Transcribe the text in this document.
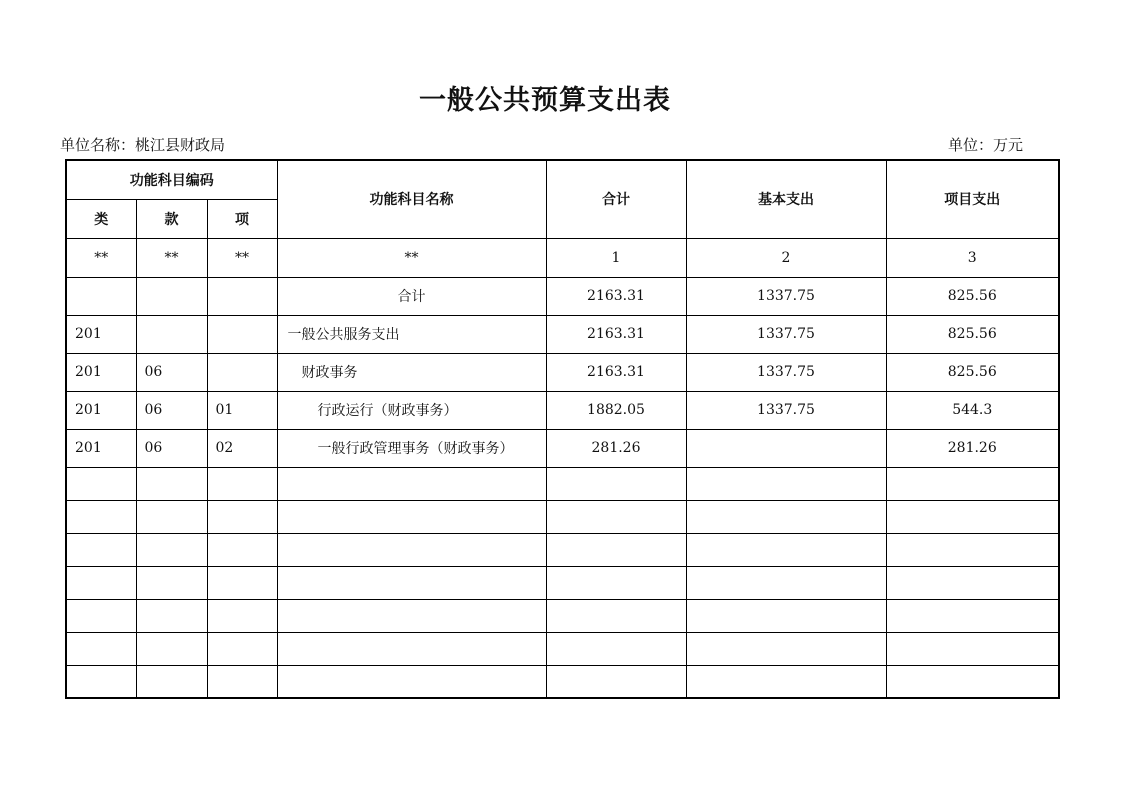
一般公共预算支出表
单位名称：桃江县财政局	单位：万元
功能科目编码			功能科目名称	合计	基本支出	项目支出
类	款	项				
**	**	**	**	1	2	3
			合计	2163.31	1337.75	825.56
201			一般公共服务支出	2163.31	1337.75	825.56
201	06		财政事务	2163.31	1337.75	825.56
201	06	01	行政运行（财政事务）	1882.05	1337.75	544.3
201	06	02	一般行政管理事务（财政事务）	281.26		281.26
